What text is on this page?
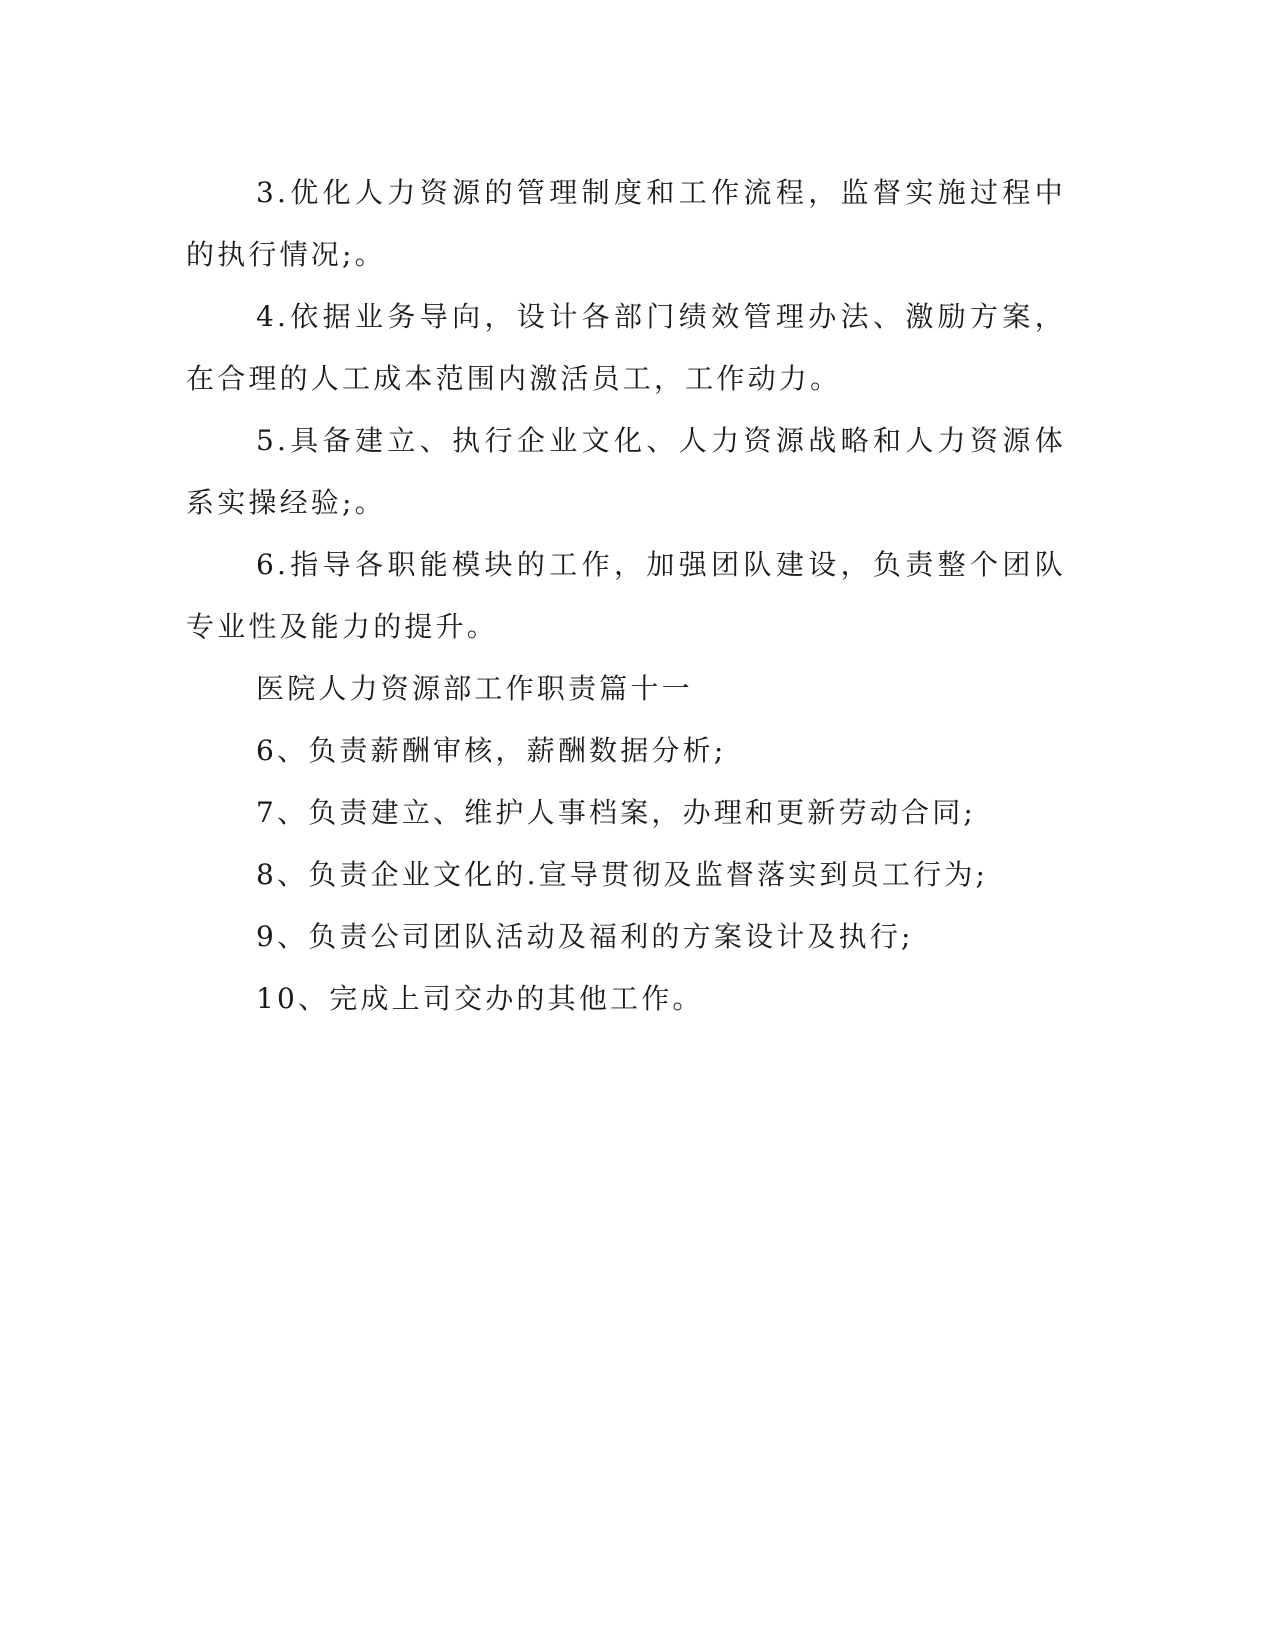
3.优化人力资源的管理制度和工作流程，监督实施过程中的执行情况;。

4.依据业务导向，设计各部门绩效管理办法、激励方案，在合理的人工成本范围内激活员工，工作动力。

5.具备建立、执行企业文化、人力资源战略和人力资源体系实操经验;。

6.指导各职能模块的工作，加强团队建设，负责整个团队专业性及能力的提升。

医院人力资源部工作职责篇十一

6、负责薪酬审核，薪酬数据分析;

7、负责建立、维护人事档案，办理和更新劳动合同;

8、负责企业文化的.宣导贯彻及监督落实到员工行为;

9、负责公司团队活动及福利的方案设计及执行;

10、完成上司交办的其他工作。
